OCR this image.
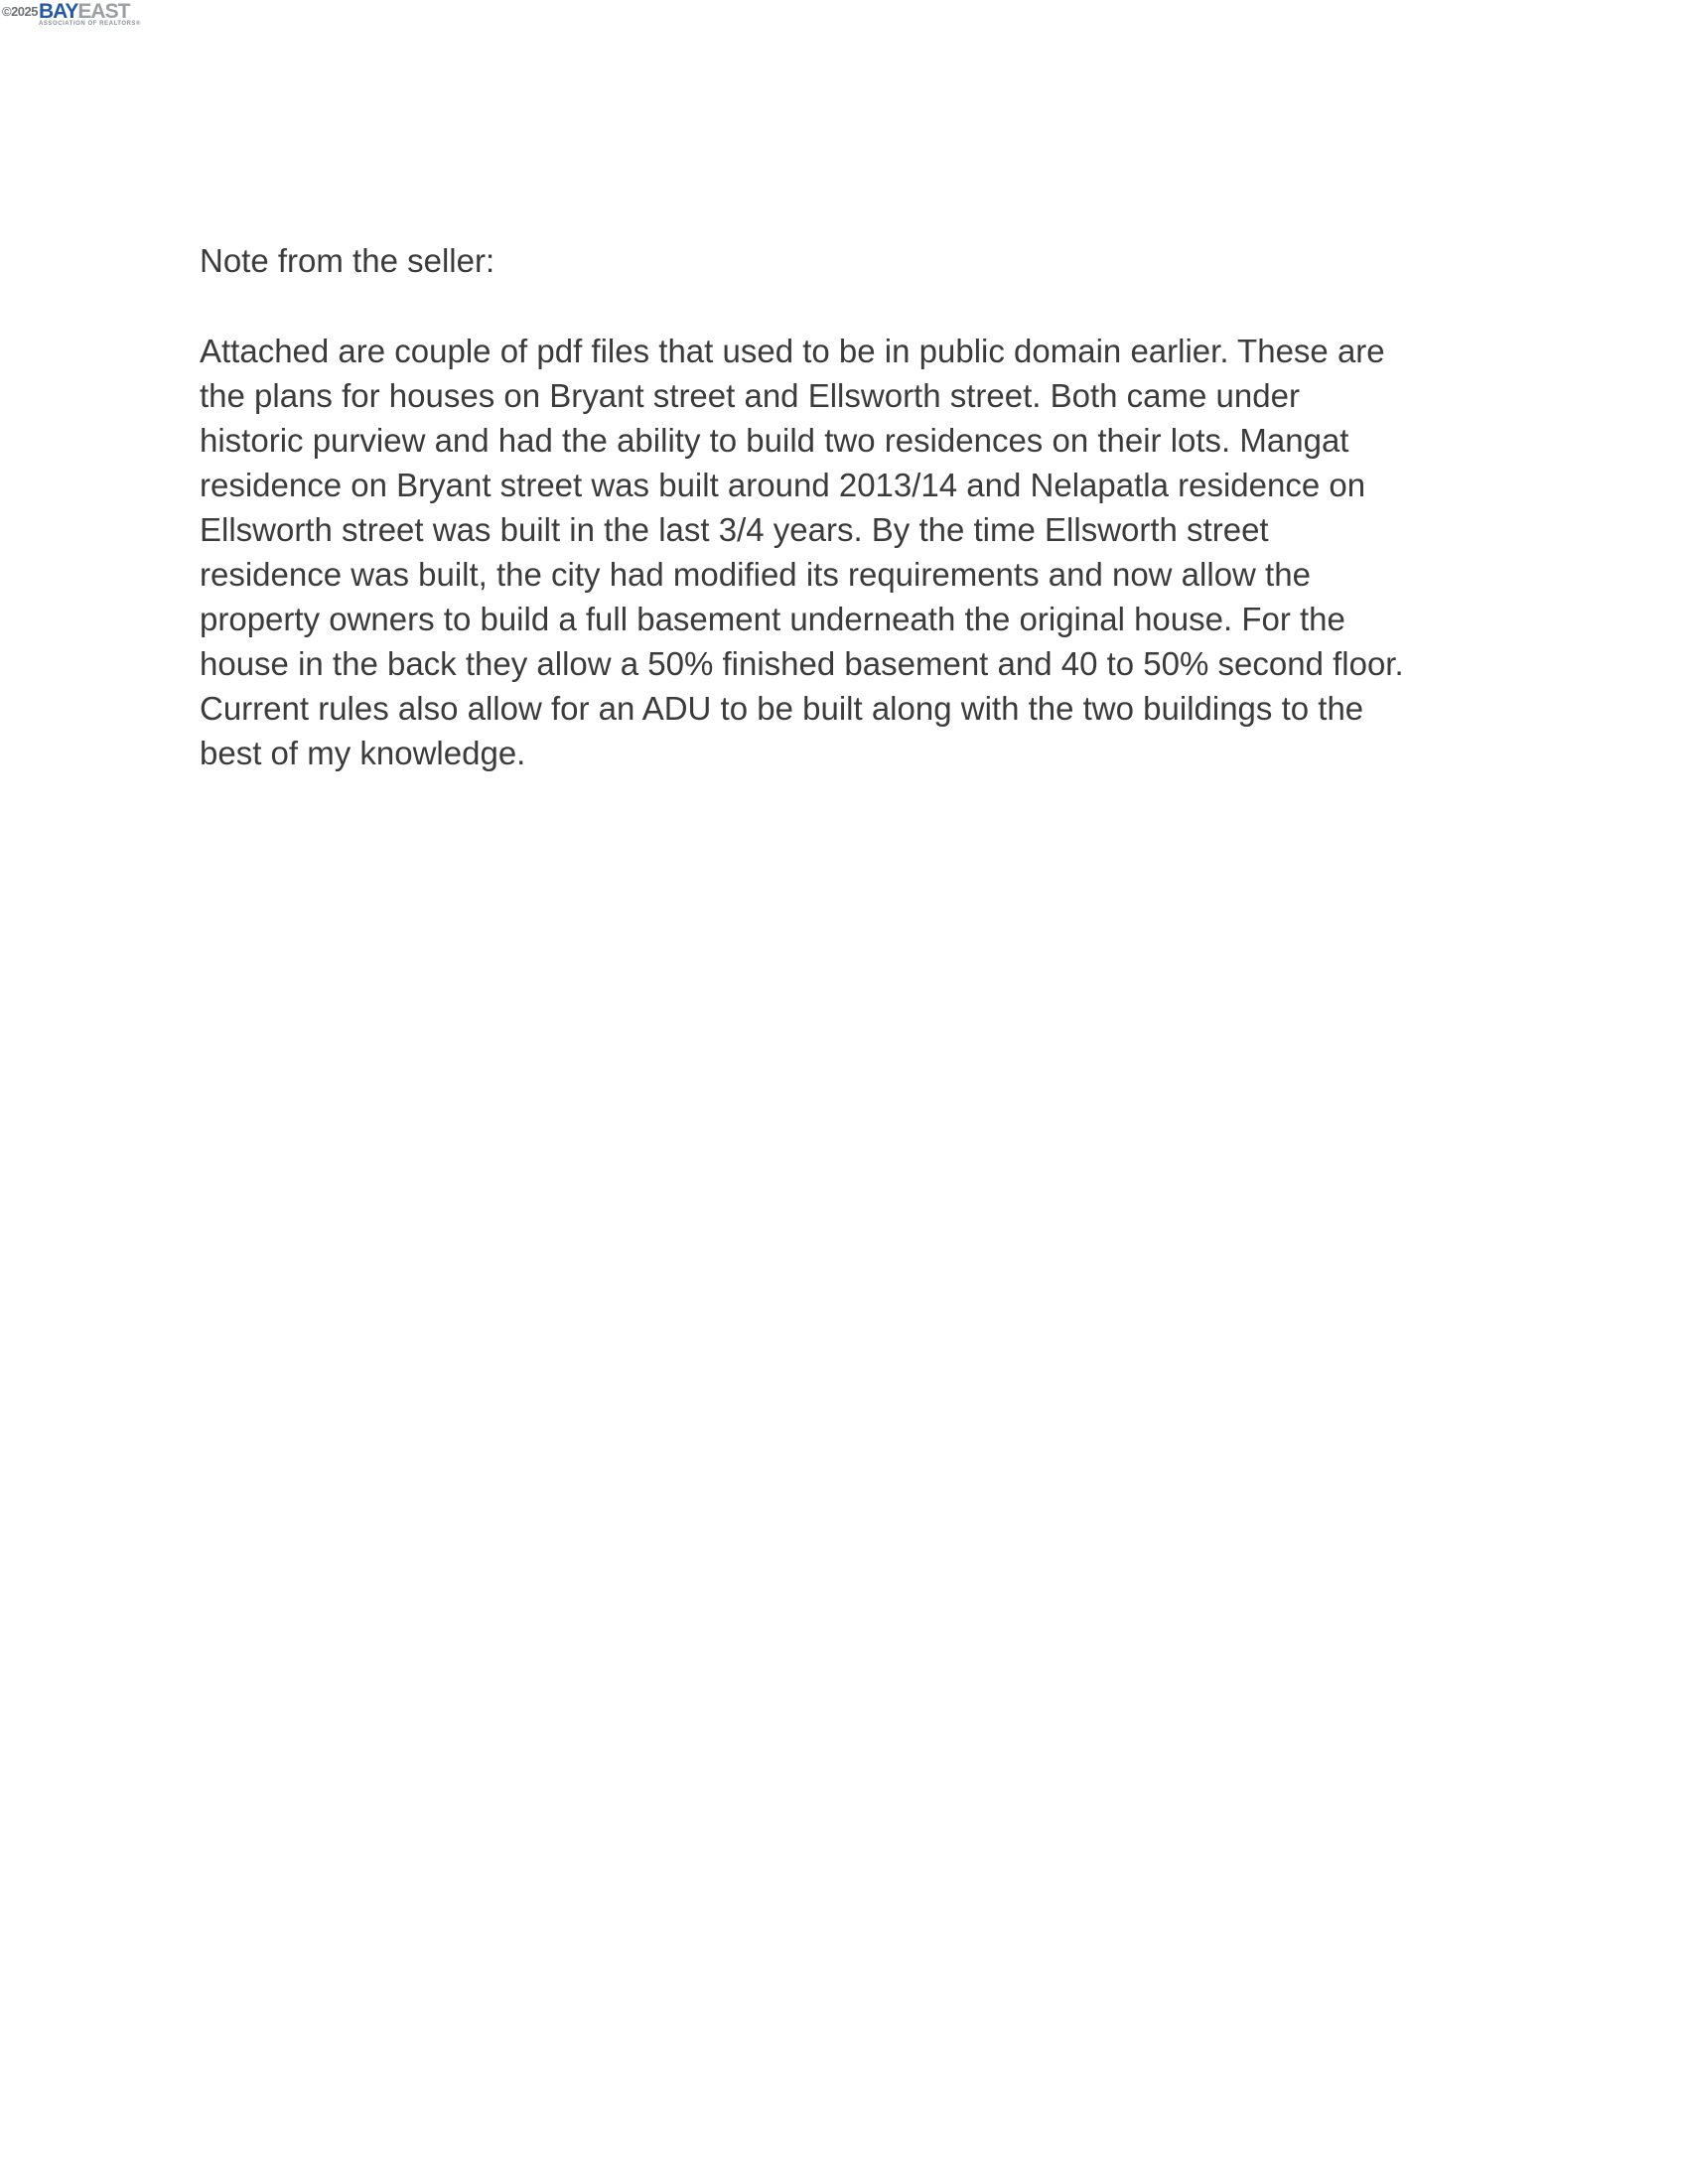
©2025 BAYEAST
ASSOCIATION OF REALTORS®
Note from the seller:
Attached are couple of pdf files that used to be in public domain earlier. These are
the plans for houses on Bryant street and Ellsworth street. Both came under
historic purview and had the ability to build two residences on their lots. Mangat
residence on Bryant street was built around 2013/14 and Nelapatla residence on
Ellsworth street was built in the last 3/4 years. By the time Ellsworth street
residence was built, the city had modified its requirements and now allow the
property owners to build a full basement underneath the original house. For the
house in the back they allow a 50% finished basement and 40 to 50% second floor.
Current rules also allow for an ADU to be built along with the two buildings to the
best of my knowledge.
